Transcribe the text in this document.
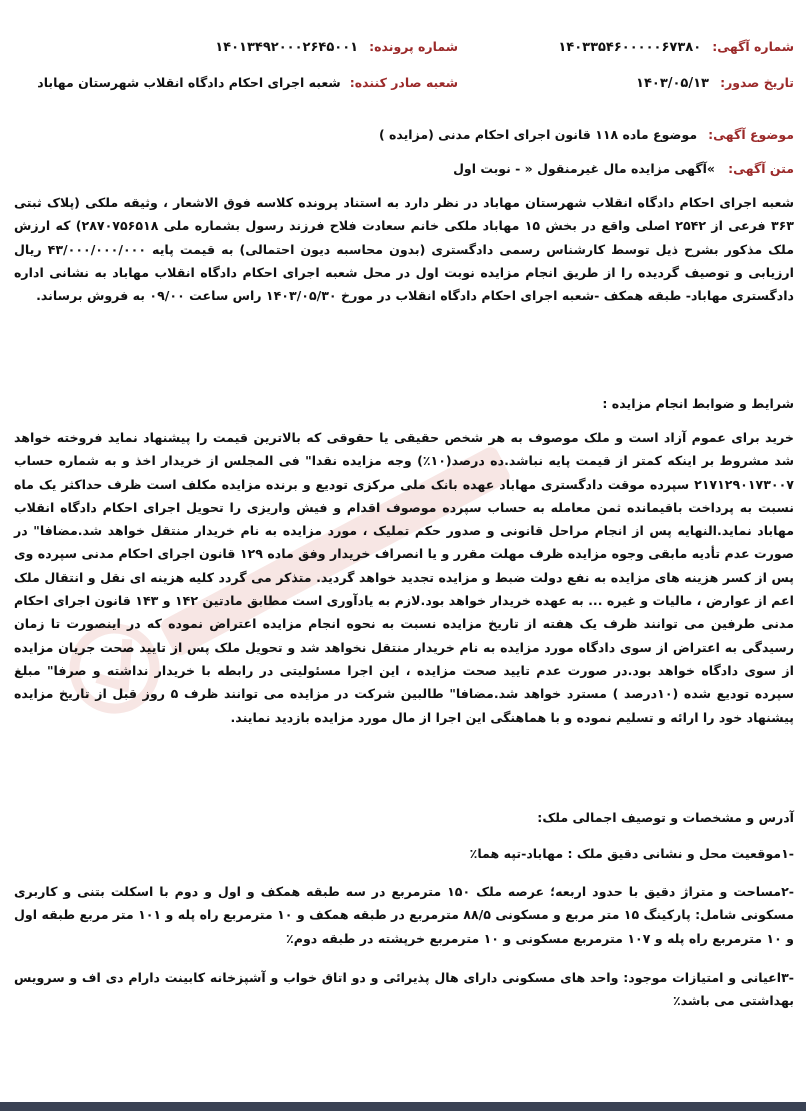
شماره آگهی: ۱۴۰۳۳۵۴۶۰۰۰۰۰۶۷۳۸۰
شماره پرونده: ۱۴۰۱۳۴۹۲۰۰۰۲۶۴۵۰۰۱
تاریخ صدور: ۱۴۰۳/۰۵/۱۳
شعبه صادر کننده: شعبه اجرای احکام دادگاه انقلاب شهرستان مهاباد
موضوع آگهی: موضوع ماده ۱۱۸ قانون اجرای احکام مدنی (مزایده )
متن آگهی: »آگهی مزایده مال غیرمنقول « - نوبت اول
شعبه اجرای احکام دادگاه انقلاب شهرستان مهاباد در نظر دارد به استناد پرونده کلاسه فوق الاشعار ، وثیقه ملکی (پلاک ثبتی ۳۶۳ فرعی از ۲۵۴۲ اصلی واقع در بخش ۱۵ مهاباد ملکی خانم سعادت فلاح فرزند رسول بشماره ملی ۲۸۷۰۷۵۶۵۱۸) که ارزش ملک مذکور بشرح ذیل توسط کارشناس رسمی دادگستری (بدون محاسبه دیون احتمالی) به قیمت پایه ۴۳/۰۰۰/۰۰۰/۰۰۰ ریال ارزیابی و توصیف گردیده را از طریق انجام مزایده نوبت اول در محل شعبه اجرای احکام دادگاه انقلاب مهاباد به نشانی اداره دادگستری مهاباد- طبقه همکف -شعبه اجرای احکام دادگاه انقلاب در مورخ ۱۴۰۳/۰۵/۳۰ راس ساعت ۰۹/۰۰ به فروش برساند.
شرایط و ضوابط انجام مزایده :
خرید برای عموم آزاد است و ملک موصوف به هر شخص حقیقی یا حقوقی که بالاترین قیمت را پیشنهاد نماید فروخته خواهد شد مشروط بر اینکه کمتر از قیمت پایه نباشد.ده درصد(۱۰٪) وجه مزایده نقدا" فی المجلس از خریدار اخذ و به شماره حساب ۲۱۷۱۲۹۰۱۷۳۰۰۷ سپرده موقت دادگستری مهاباد عهده بانک ملی مرکزی تودیع و برنده مزایده مکلف است ظرف حداکثر یک ماه نسبت به پرداخت باقیمانده ثمن معامله به حساب سپرده موصوف اقدام و فیش واریزی را تحویل اجرای احکام دادگاه انقلاب مهاباد نماید.النهایه پس از انجام مراحل قانونی و صدور حکم تملیک ، مورد مزایده به نام خریدار منتقل خواهد شد.مضافا" در صورت عدم تأدیه مابقی وجوه مزایده ظرف مهلت مقرر و یا انصراف خریدار وفق ماده ۱۲۹ قانون اجرای احکام مدنی سپرده وی پس از کسر هزینه های مزایده به نفع دولت ضبط و مزایده تجدید خواهد گردید. متذکر می گردد کلیه هزینه ای نقل و انتقال ملک اعم از عوارض ، مالیات و غیره ... به عهده خریدار خواهد بود.لازم به یادآوری است مطابق مادتین ۱۴۲ و ۱۴۳ قانون اجرای احکام مدنی طرفین می توانند ظرف یک هفته از تاریخ مزایده نسبت به نحوه انجام مزایده اعتراض نموده که در اینصورت تا زمان رسیدگی به اعتراض از سوی دادگاه مورد مزایده به نام خریدار منتقل نخواهد شد و تحویل ملک پس از تایید صحت جریان مزایده از سوی دادگاه خواهد بود.در صورت عدم تایید صحت مزایده ، این اجرا مسئولیتی در رابطه با خریدار نداشته و صرفا" مبلغ سپرده تودیع شده (۱۰درصد ) مسترد خواهد شد.مضافا" طالبین شرکت در مزایده می توانند ظرف ۵ روز قبل از تاریخ مزایده پیشنهاد خود را ارائه و تسلیم نموده و با هماهنگی این اجرا از مال مورد مزایده بازدید نمایند.
آدرس و مشخصات و توصیف اجمالی ملک:
-۱موقعیت محل و نشانی دقیق ملک : مهاباد-تپه هما٪
-۲مساحت و متراژ دقیق با حدود اربعه؛ عرصه ملک ۱۵۰ مترمربع در سه طبقه همکف و اول و دوم با اسکلت بتنی و کاربری مسکونی شامل: پارکینگ ۱۵ متر مربع و مسکونی ۸۸/۵ مترمربع در طبقه همکف و ۱۰ مترمربع راه پله و ۱۰۱ متر مربع طبقه اول و ۱۰ مترمربع راه پله و ۱۰۷ مترمربع مسکونی و ۱۰ مترمربع خرپشته در طبقه دوم٪
-۳اعیانی و امتیازات موجود: واحد های مسکونی دارای هال پذیرائی و دو اتاق خواب و آشپزخانه کابینت دارام دی اف و سرویس بهداشتی می باشد٪
